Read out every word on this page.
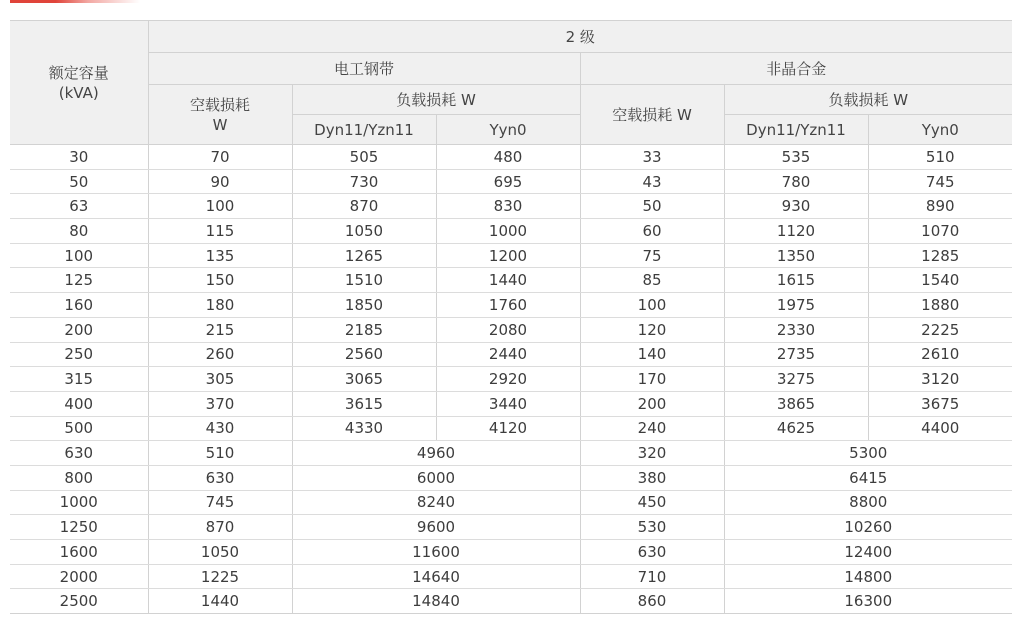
额定容量
(kVA)	2 级					
	电工钢带			非晶合金		
	空载损耗
W	负载损耗 W		空载损耗 W	负载损耗 W	
		Dyn11/Yzn11	Yyn0		Dyn11/Yzn11	Yyn0
30	70	505	480	33	535	510
50	90	730	695	43	780	745
63	100	870	830	50	930	890
80	115	1050	1000	60	1120	1070
100	135	1265	1200	75	1350	1285
125	150	1510	1440	85	1615	1540
160	180	1850	1760	100	1975	1880
200	215	2185	2080	120	2330	2225
250	260	2560	2440	140	2735	2610
315	305	3065	2920	170	3275	3120
400	370	3615	3440	200	3865	3675
500	430	4330	4120	240	4625	4400
630	510	4960		320	5300	
800	630	6000		380	6415	
1000	745	8240		450	8800	
1250	870	9600		530	10260	
1600	1050	11600		630	12400	
2000	1225	14640		710	14800	
2500	1440	14840		860	16300	
